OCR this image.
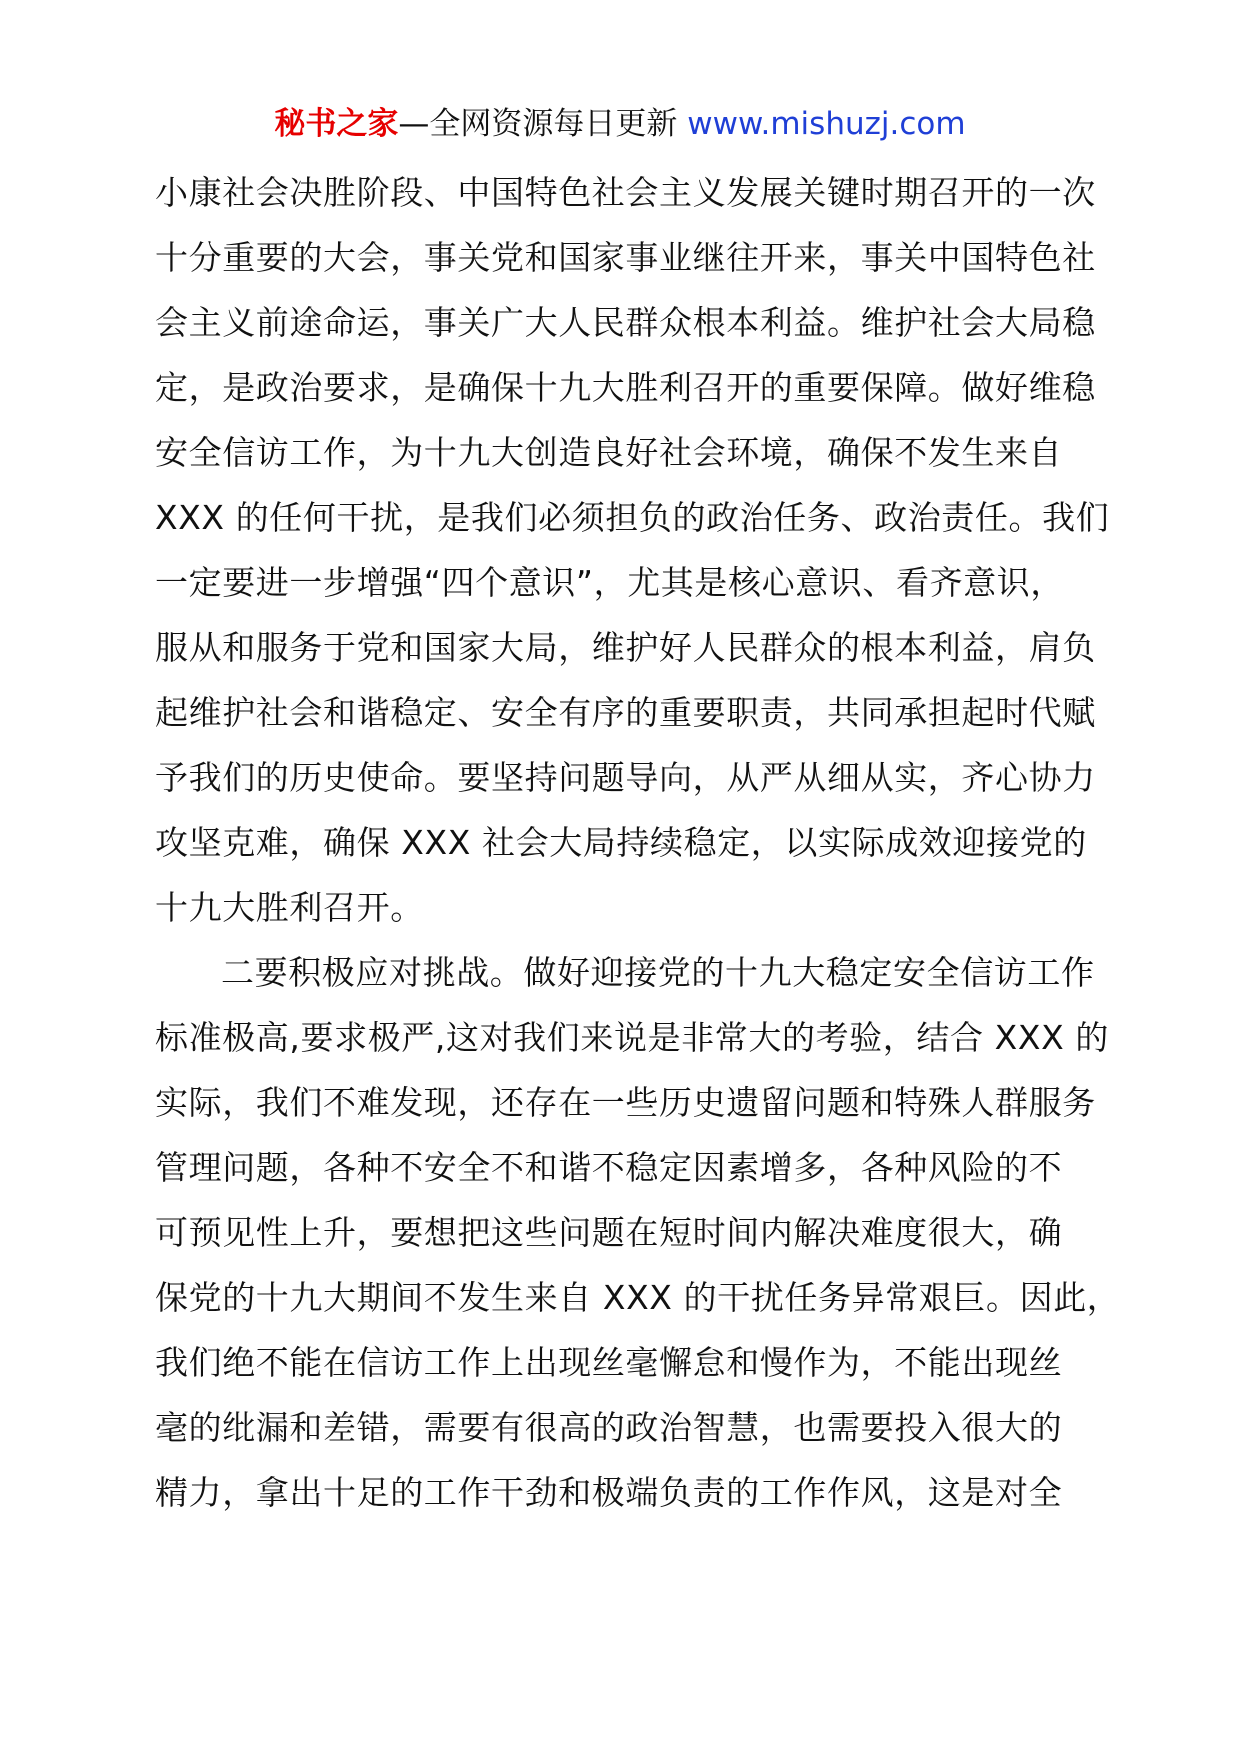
秘书之家—全网资源每日更新 www.mishuzj.com
小康社会决胜阶段、中国特色社会主义发展关键时期召开的一次
十分重要的大会，事关党和国家事业继往开来，事关中国特色社
会主义前途命运，事关广大人民群众根本利益。维护社会大局稳
定，是政治要求，是确保十九大胜利召开的重要保障。做好维稳
安全信访工作，为十九大创造良好社会环境，确保不发生来自
XXX 的任何干扰，是我们必须担负的政治任务、政治责任。我们
一定要进一步增强“四个意识”，尤其是核心意识、看齐意识，
服从和服务于党和国家大局，维护好人民群众的根本利益，肩负
起维护社会和谐稳定、安全有序的重要职责，共同承担起时代赋
予我们的历史使命。要坚持问题导向，从严从细从实，齐心协力
攻坚克难，确保 XXX 社会大局持续稳定，以实际成效迎接党的
十九大胜利召开。
二要积极应对挑战。做好迎接党的十九大稳定安全信访工作
标准极高,要求极严,这对我们来说是非常大的考验，结合 XXX 的
实际，我们不难发现，还存在一些历史遗留问题和特殊人群服务
管理问题，各种不安全不和谐不稳定因素增多，各种风险的不
可预见性上升，要想把这些问题在短时间内解决难度很大，确
保党的十九大期间不发生来自 XXX 的干扰任务异常艰巨。因此，
我们绝不能在信访工作上出现丝毫懈怠和慢作为，不能出现丝
毫的纰漏和差错，需要有很高的政治智慧，也需要投入很大的
精力，拿出十足的工作干劲和极端负责的工作作风，这是对全
